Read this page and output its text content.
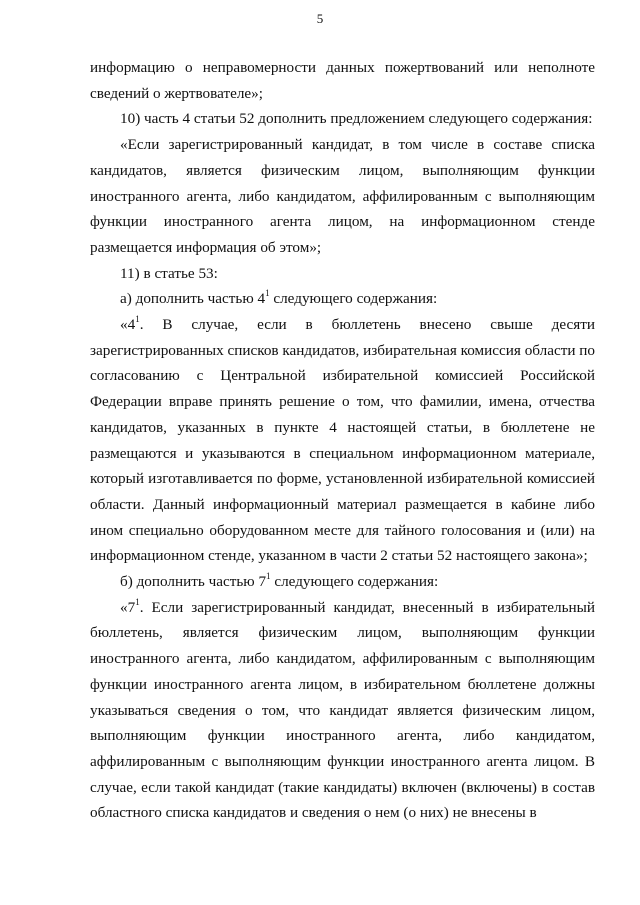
5

информацию о неправомерности данных пожертвований или неполноте сведений о жертвователе»;

10) часть 4 статьи 52 дополнить предложением следующего содержания:

«Если зарегистрированный кандидат, в том числе в составе списка кандидатов, является физическим лицом, выполняющим функции иностранного агента, либо кандидатом, аффилированным с выполняющим функции иностранного агента лицом, на информационном стенде размещается информация об этом»;

11) в статье 53:

а) дополнить частью $4^1$ следующего содержания:

«$4^1$. В случае, если в бюллетень внесено свыше десяти зарегистрированных списков кандидатов, избирательная комиссия области по согласованию с Центральной избирательной комиссией Российской Федерации вправе принять решение о том, что фамилии, имена, отчества кандидатов, указанных в пункте 4 настоящей статьи, в бюллетене не размещаются и указываются в специальном информационном материале, который изготавливается по форме, установленной избирательной комиссией области. Данный информационный материал размещается в кабине либо ином специально оборудованном месте для тайного голосования и (или) на информационном стенде, указанном в части 2 статьи 52 настоящего закона»;

б) дополнить частью $7^1$ следующего содержания:

«$7^1$. Если зарегистрированный кандидат, внесенный в избирательный бюллетень, является физическим лицом, выполняющим функции иностранного агента, либо кандидатом, аффилированным с выполняющим функции иностранного агента лицом, в избирательном бюллетене должны указываться сведения о том, что кандидат является физическим лицом, выполняющим функции иностранного агента, либо кандидатом, аффилированным с выполняющим функции иностранного агента лицом. В случае, если такой кандидат (такие кандидаты) включен (включены) в состав областного списка кандидатов и сведения о нем (о них) не внесены в
